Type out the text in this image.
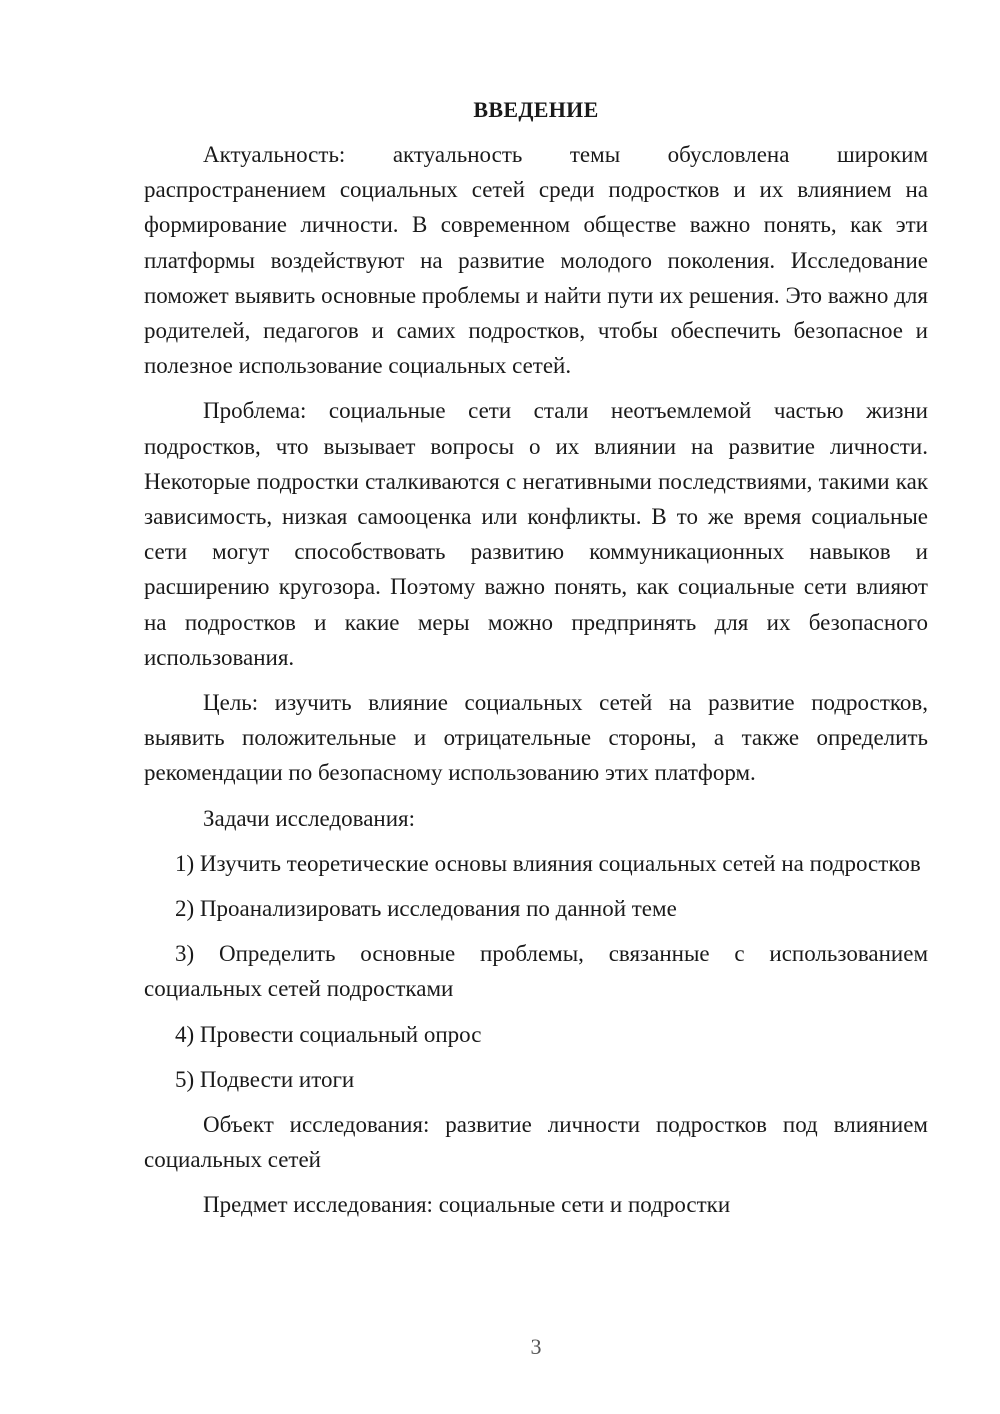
ВВЕДЕНИЕ

Актуальность: актуальность темы обусловлена широким распространением социальных сетей среди подростков и их влиянием на формирование личности. В современном обществе важно понять, как эти платформы воздействуют на развитие молодого поколения. Исследование поможет выявить основные проблемы и найти пути их решения. Это важно для родителей, педагогов и самих подростков, чтобы обеспечить безопасное и полезное использование социальных сетей.

Проблема: социальные сети стали неотъемлемой частью жизни подростков, что вызывает вопросы о их влиянии на развитие личности. Некоторые подростки сталкиваются с негативными последствиями, такими как зависимость, низкая самооценка или конфликты. В то же время социальные сети могут способствовать развитию коммуникационных навыков и расширению кругозора. Поэтому важно понять, как социальные сети влияют на подростков и какие меры можно предпринять для их безопасного использования.

Цель: изучить влияние социальных сетей на развитие подростков, выявить положительные и отрицательные стороны, а также определить рекомендации по безопасному использованию этих платформ.

Задачи исследования:

1) Изучить теоретические основы влияния социальных сетей на подростков

2) Проанализировать исследования по данной теме

3) Определить основные проблемы, связанные с использованием социальных сетей подростками

4) Провести социальный опрос

5) Подвести итоги

Объект исследования: развитие личности подростков под влиянием социальных сетей

Предмет исследования: социальные сети и подростки

3
